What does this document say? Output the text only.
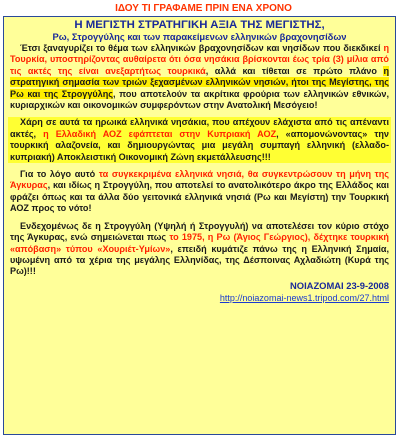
ΙΔΟΥ ΤΙ ΓΡΑΦΑΜΕ ΠΡΙΝ ΕΝΑ ΧΡΟΝΟ
Η ΜΕΓΙΣΤΗ ΣΤΡΑΤΗΓΙΚΗ ΑΞΙΑ ΤΗΣ ΜΕΓΙΣΤΗΣ,
Ρω, Στρογγύλης και των παρακείμενων ελληνικών βραχονησίδων

Έτσι ξαναγυρίζει το θέμα των ελληνικών βραχονησίδων και νησίδων που διεκδικεί η Τουρκία, υποστηρίζοντας αυθαίρετα ότι όσα νησάκια βρίσκονται έως τρία (3) μίλια από τις ακτές της είναι ανεξαρτήτως τουρκικά, αλλά και τίθεται σε πρώτο πλάνο η στρατηγική σημασία των τριών ξεχασμένων ελληνικών νησιών, ήτοι της Μεγίστης, της Ρω και της Στρογγύλης, που αποτελούν τα ακρίτικα φρούρια των ελληνικών εθνικών, κυριαρχικών και οικονομικών συμφερόντων στην Ανατολική Μεσόγειο!

Χάρη σε αυτά τα ηρωικά ελληνικά νησάκια, που απέχουν ελάχιστα από τις απέναντι ακτές, η Ελλαδική ΑΟΖ εφάπτεται στην Κυπριακή ΑΟΖ, «απομονώνοντας» την τουρκική αλαζονεία, και δημιουργώντας μια μεγάλη συμπαγή ελληνική (ελλαδο-κυπριακή) Αποκλειστική Οικονομική Ζώνη εκμετάλλευσης!!!

Για το λόγο αυτό τα συγκεκριμένα ελληνικά νησιά, θα συγκεντρώσουν τη μήνη της Άγκυρας, και ιδίως η Στρογγύλη, που αποτελεί το ανατολικότερο άκρο της Ελλάδος και φράζει όπως και τα άλλα δύο γειτονικά ελληνικά νησιά (Ρω και Μεγίστη) την Τουρκική ΑΟΖ προς το νότο!

Ενδεχομένως δε η Στρογγύλη (Υψηλή ή Στρογγυλή) να αποτελέσει τον κύριο στόχο της Άγκυρας, ενώ σημειώνεται πως το 1975, η Ρω (Άγιος Γεώργιος), δέχτηκε τουρκική «απόβαση» τύπου «Χουριέτ-Υμίων», επειδή κυμάτιζε πάνω της η Ελληνική Σημαία, υψωμένη από τα χέρια της μεγάλης Ελληνίδας, της Δέσποινας Αχλαδιώτη (Κυρά της Ρω)!!!

ΝΟΙΑΖΟΜΑΙ 23-9-2008
http://noiazomai-news1.tripod.com/27.html
